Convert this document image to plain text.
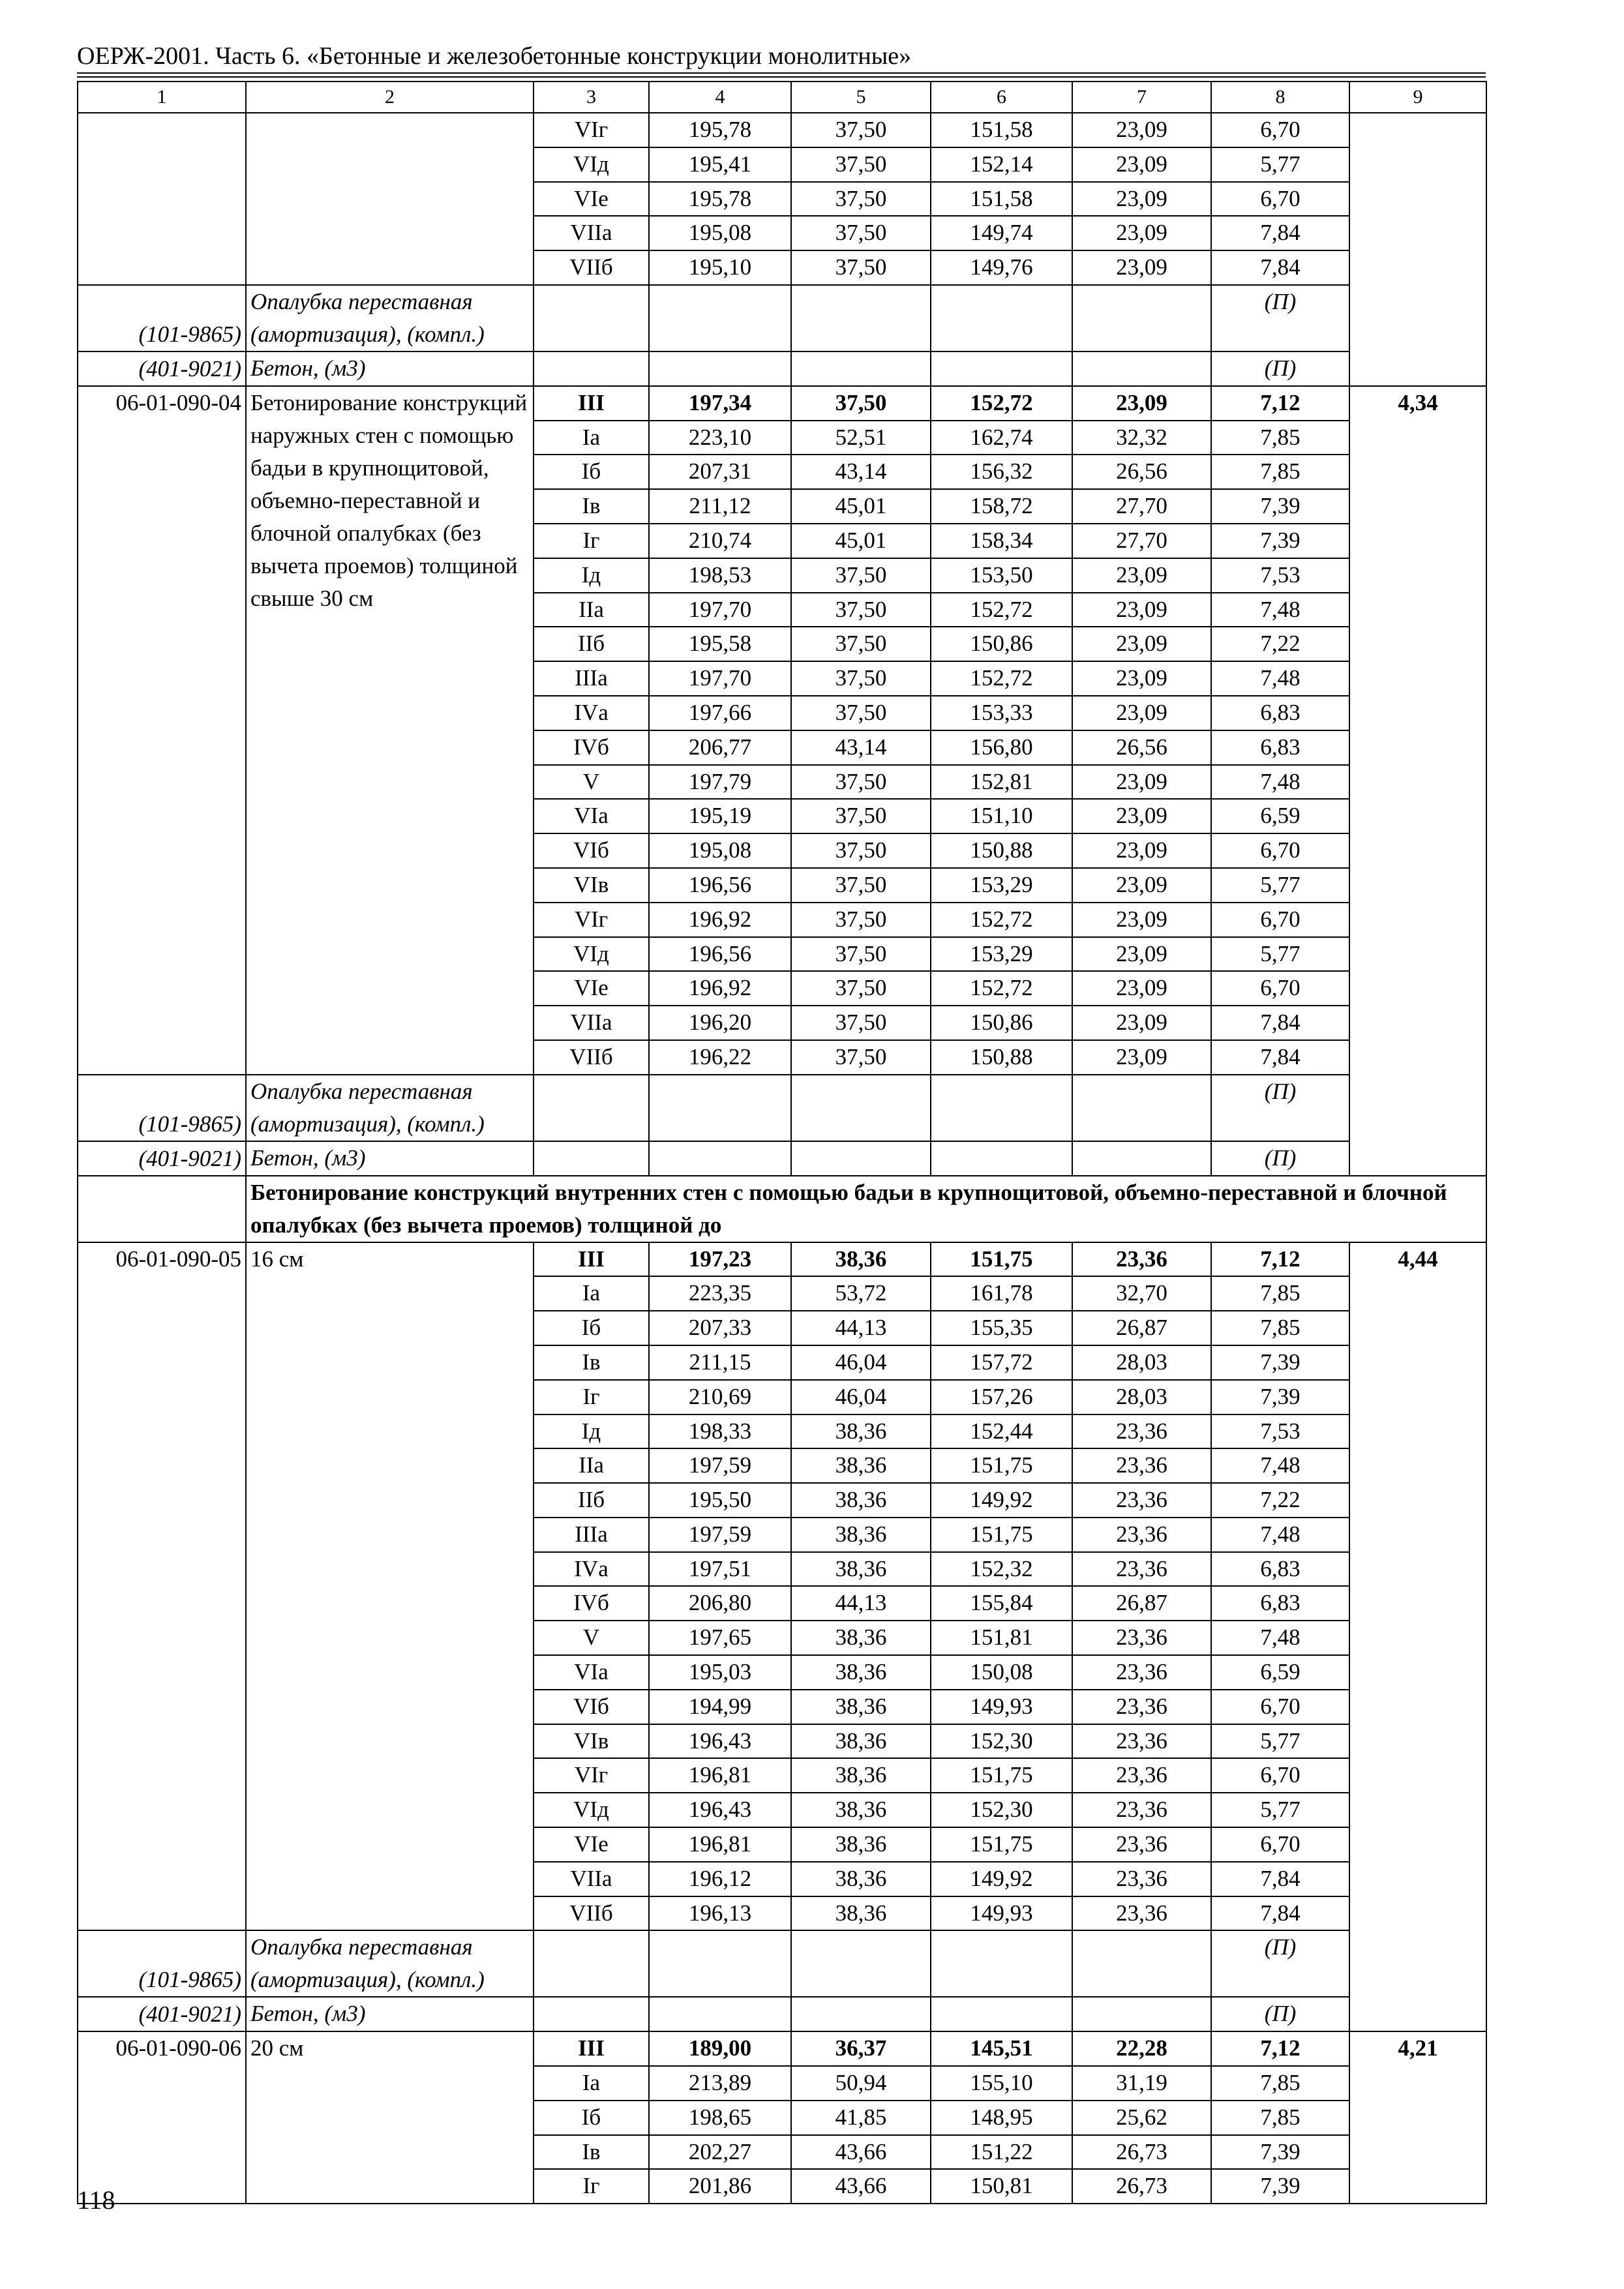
ОЕРЖ-2001. Часть 6. «Бетонные и железобетонные конструкции монолитные»
1	2	3	4	5	6	7	8	9
		VIг	195,78	37,50	151,58	23,09	6,70	
		VIд	195,41	37,50	152,14	23,09	5,77	
		VIе	195,78	37,50	151,58	23,09	6,70	
		VIIа	195,08	37,50	149,74	23,09	7,84	
		VIIб	195,10	37,50	149,76	23,09	7,84	
(101-9865)	Опалубка переставная (амортизация), (компл.)						(П)	
(401-9021)	Бетон, (м3)						(П)	
06-01-090-04	Бетонирование конструкций наружных стен с помощью бадьи в крупнощитовой, объемно-переставной и блочной опалубках (без вычета проемов) толщиной свыше 30 см	III	197,34	37,50	152,72	23,09	7,12	4,34
		Iа	223,10	52,51	162,74	32,32	7,85	
		Iб	207,31	43,14	156,32	26,56	7,85	
		Iв	211,12	45,01	158,72	27,70	7,39	
		Iг	210,74	45,01	158,34	27,70	7,39	
		Iд	198,53	37,50	153,50	23,09	7,53	
		IIа	197,70	37,50	152,72	23,09	7,48	
		IIб	195,58	37,50	150,86	23,09	7,22	
		IIIа	197,70	37,50	152,72	23,09	7,48	
		IVа	197,66	37,50	153,33	23,09	6,83	
		IVб	206,77	43,14	156,80	26,56	6,83	
		V	197,79	37,50	152,81	23,09	7,48	
		VIа	195,19	37,50	151,10	23,09	6,59	
		VIб	195,08	37,50	150,88	23,09	6,70	
		VIв	196,56	37,50	153,29	23,09	5,77	
		VIг	196,92	37,50	152,72	23,09	6,70	
		VIд	196,56	37,50	153,29	23,09	5,77	
		VIе	196,92	37,50	152,72	23,09	6,70	
		VIIа	196,20	37,50	150,86	23,09	7,84	
		VIIб	196,22	37,50	150,88	23,09	7,84	
(101-9865)	Опалубка переставная (амортизация), (компл.)						(П)	
(401-9021)	Бетон, (м3)						(П)	
	Бетонирование конструкций внутренних стен с помощью бадьи в крупнощитовой, объемно-переставной и блочной опалубках (без вычета проемов) толщиной до							
06-01-090-05	16 см	III	197,23	38,36	151,75	23,36	7,12	4,44
		Iа	223,35	53,72	161,78	32,70	7,85	
		Iб	207,33	44,13	155,35	26,87	7,85	
		Iв	211,15	46,04	157,72	28,03	7,39	
		Iг	210,69	46,04	157,26	28,03	7,39	
		Iд	198,33	38,36	152,44	23,36	7,53	
		IIа	197,59	38,36	151,75	23,36	7,48	
		IIб	195,50	38,36	149,92	23,36	7,22	
		IIIа	197,59	38,36	151,75	23,36	7,48	
		IVа	197,51	38,36	152,32	23,36	6,83	
		IVб	206,80	44,13	155,84	26,87	6,83	
		V	197,65	38,36	151,81	23,36	7,48	
		VIа	195,03	38,36	150,08	23,36	6,59	
		VIб	194,99	38,36	149,93	23,36	6,70	
		VIв	196,43	38,36	152,30	23,36	5,77	
		VIг	196,81	38,36	151,75	23,36	6,70	
		VIд	196,43	38,36	152,30	23,36	5,77	
		VIе	196,81	38,36	151,75	23,36	6,70	
		VIIа	196,12	38,36	149,92	23,36	7,84	
		VIIб	196,13	38,36	149,93	23,36	7,84	
(101-9865)	Опалубка переставная (амортизация), (компл.)						(П)	
(401-9021)	Бетон, (м3)						(П)	
06-01-090-06	20 см	III	189,00	36,37	145,51	22,28	7,12	4,21
		Iа	213,89	50,94	155,10	31,19	7,85	
		Iб	198,65	41,85	148,95	25,62	7,85	
		Iв	202,27	43,66	151,22	26,73	7,39	
		Iг	201,86	43,66	150,81	26,73	7,39	
118
